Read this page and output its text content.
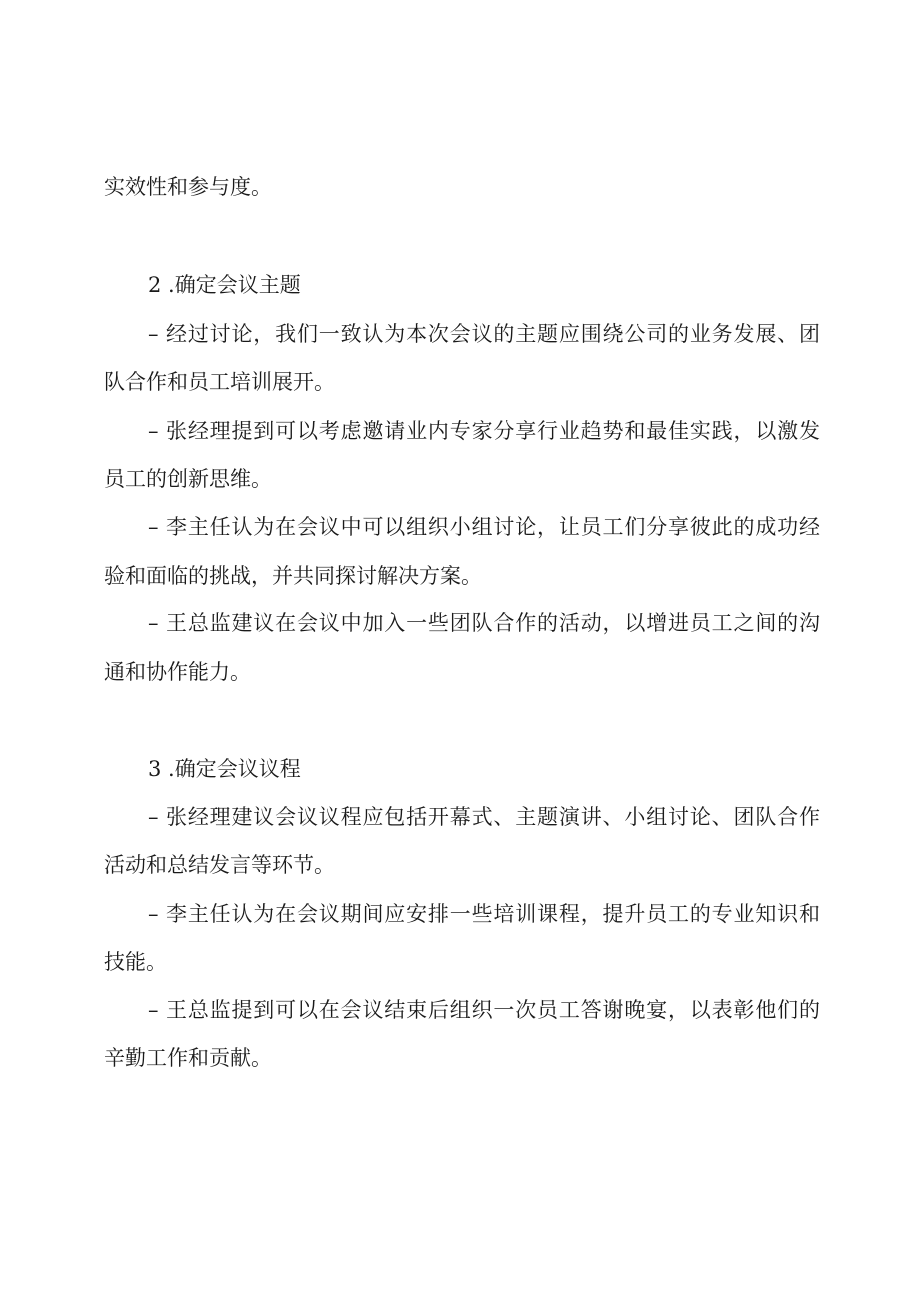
实效性和参与度。
2 .确定会议主题
– 经过讨论，我们一致认为本次会议的主题应围绕公司的业务发展、团
队合作和员工培训展开。
– 张经理提到可以考虑邀请业内专家分享行业趋势和最佳实践，以激发
员工的创新思维。
– 李主任认为在会议中可以组织小组讨论，让员工们分享彼此的成功经
验和面临的挑战，并共同探讨解决方案。
– 王总监建议在会议中加入一些团队合作的活动，以增进员工之间的沟
通和协作能力。
3 .确定会议议程
– 张经理建议会议议程应包括开幕式、主题演讲、小组讨论、团队合作
活动和总结发言等环节。
– 李主任认为在会议期间应安排一些培训课程，提升员工的专业知识和
技能。
– 王总监提到可以在会议结束后组织一次员工答谢晚宴，以表彰他们的
辛勤工作和贡献。
